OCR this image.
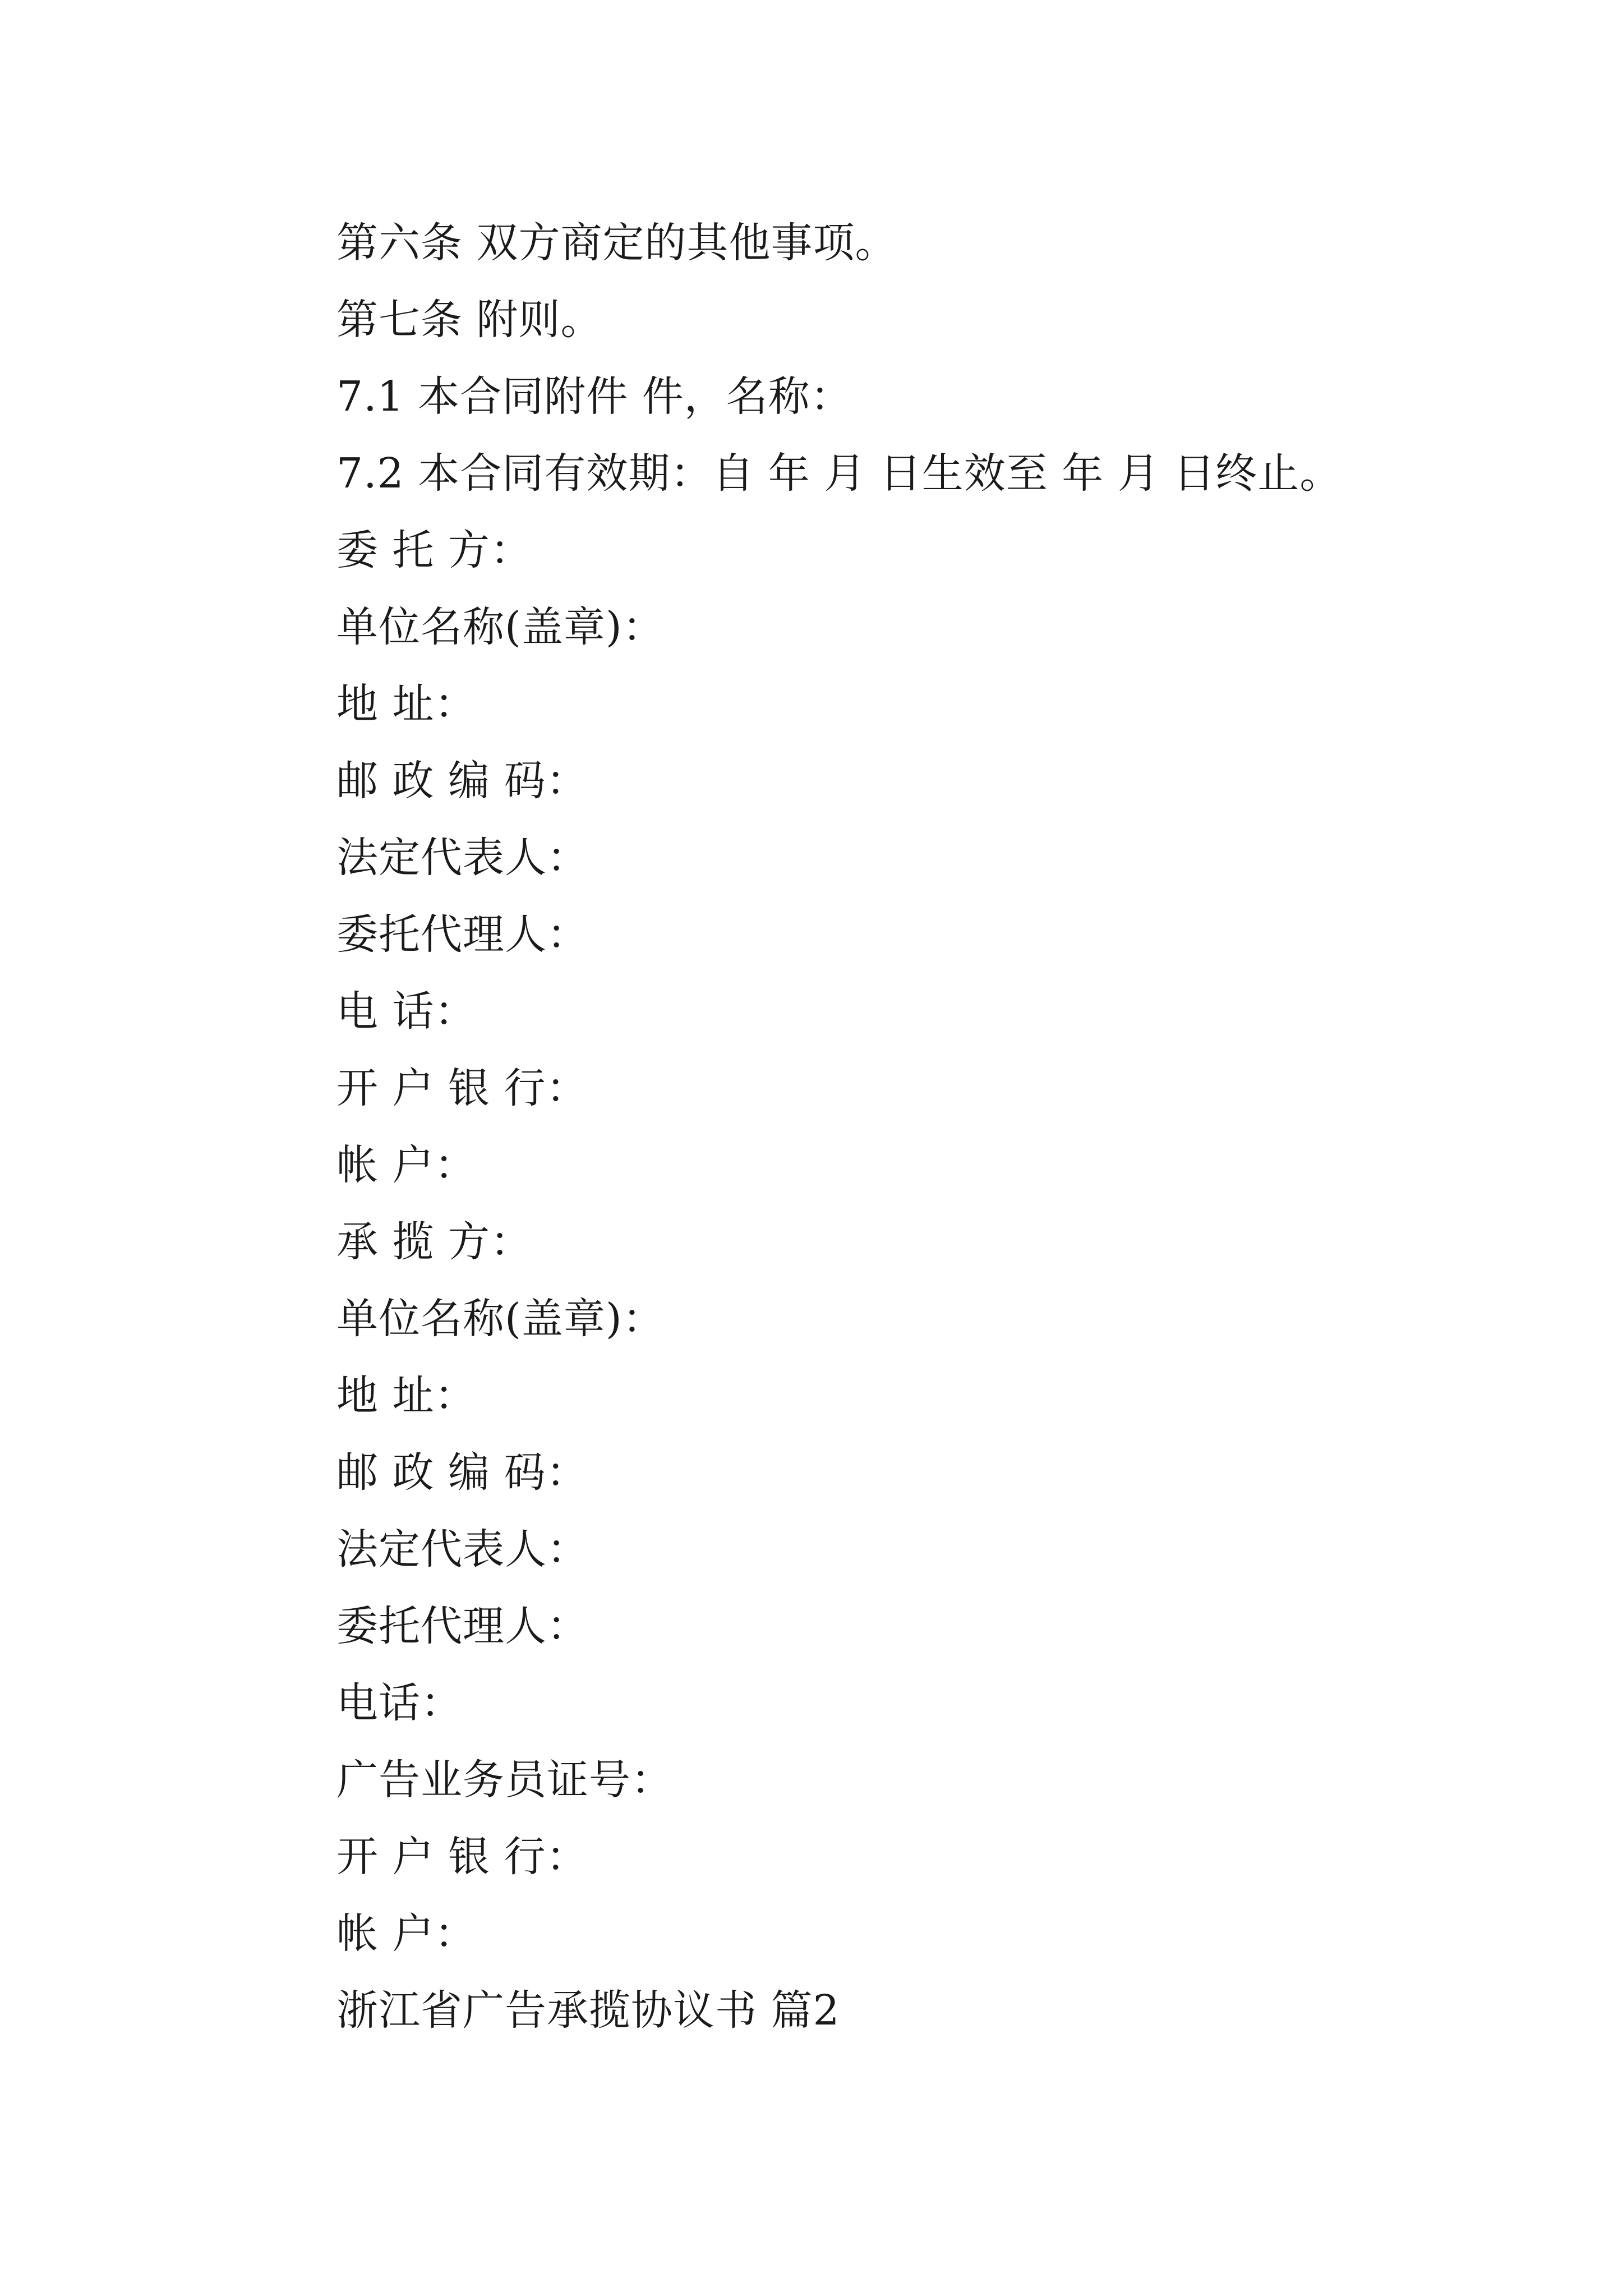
第六条 双方商定的其他事项。
第七条 附则。
7.1 本合同附件 件，名称：
7.2 本合同有效期：自 年 月 日生效至 年 月 日终止。
委 托 方：
单位名称(盖章)：
地 址：
邮 政 编 码：
法定代表人：
委托代理人：
电 话：
开 户 银 行：
帐 户：
承 揽 方：
单位名称(盖章)：
地 址：
邮 政 编 码：
法定代表人：
委托代理人：
电话：
广告业务员证号：
开 户 银 行：
帐 户：
浙江省广告承揽协议书 篇2
